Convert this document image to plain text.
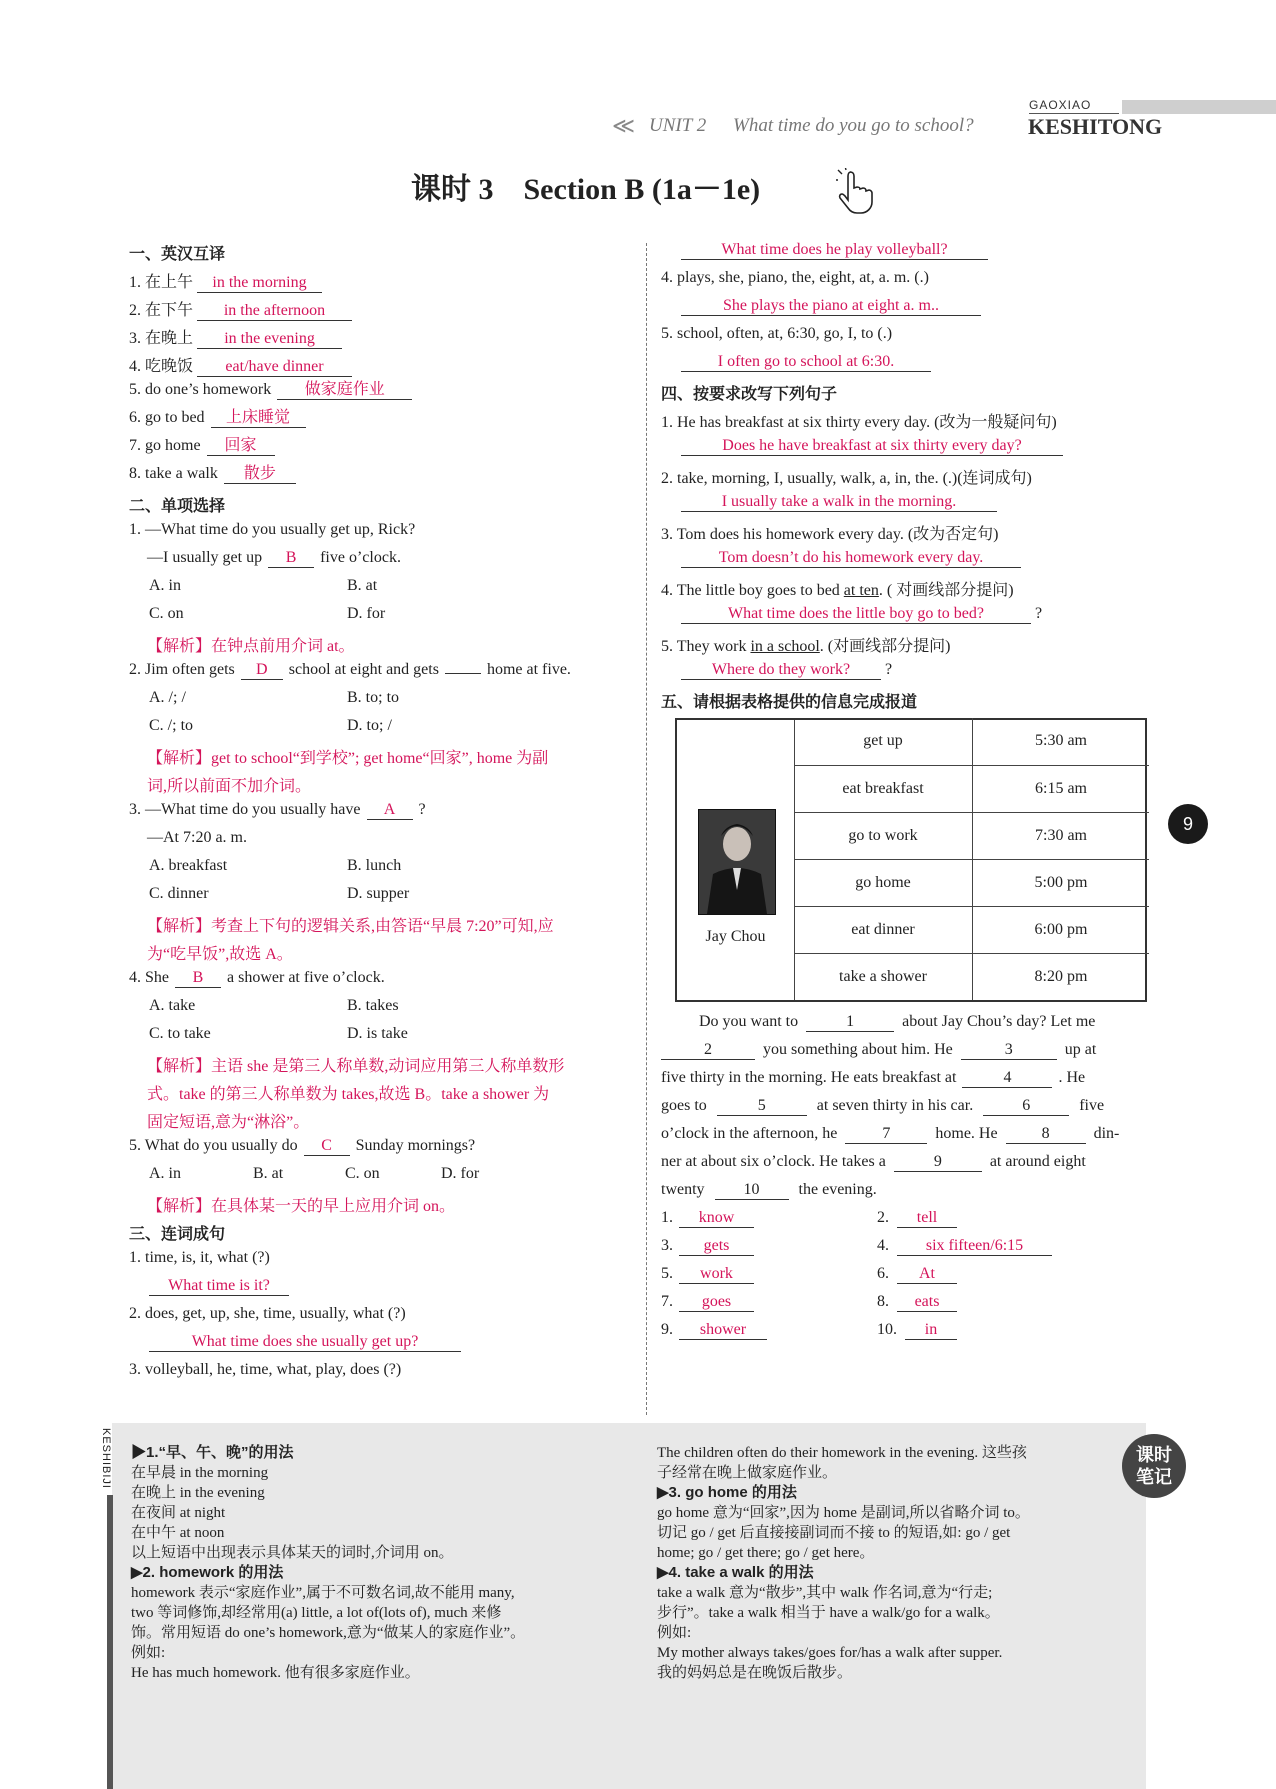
GAOXIAO
≪ UNIT 2 What time do you go to school? KESHITONG
课时 3　Section B (1a－1e)
一、英汉互译
1. 在上午 in the morning
2. 在下午 in the afternoon
3. 在晚上 in the evening
4. 吃晚饭 eat/have dinner
5. do one’s homework 做家庭作业
6. go to bed 上床睡觉
7. go home 回家
8. take a walk 散步
二、单项选择
1. —What time do you usually get up, Rick?
—I usually get up B five o’clock.
A. in	B. at
C. on	D. for
【解析】在钟点前用介词 at。
2. Jim often gets D school at eight and gets	home at five.
A. /; /	B. to; to
C. /; to	D. to; /
【解析】get to school“到学校”; get home“回家”, home 为副
词,所以前面不加介词。
3. —What time do you usually have A ?
—At 7:20 a. m.
A. breakfast	B. lunch
C. dinner	D. supper
【解析】考查上下句的逻辑关系,由答语“早晨 7:20”可知,应
为“吃早饭”,故选 A。
4. She B a shower at five o’clock.
A. take	B. takes
C. to take	D. is take
【解析】主语 she 是第三人称单数,动词应用第三人称单数形
式。take 的第三人称单数为 takes,故选 B。take a shower 为
固定短语,意为“淋浴”。
5. What do you usually do C Sunday mornings?
A. in	B. at	C. on	D. for
【解析】在具体某一天的早上应用介词 on。
三、连词成句
1. time, is, it, what (?)
What time is it?
2. does, get, up, she, time, usually, what (?)
What time does she usually get up?
3. volleyball, he, time, what, play, does (?)
What time does he play volleyball?
4. plays, she, piano, the, eight, at, a. m. (.)
She plays the piano at eight a. m..
5. school, often, at, 6:30, go, I, to (.)
I often go to school at 6:30.
四、按要求改写下列句子
1. He has breakfast at six thirty every day. (改为一般疑问句)
Does he have breakfast at six thirty every day?
2. take, morning, I, usually, walk, a, in, the. (.)(连词成句)
I usually take a walk in the morning.
3. Tom does his homework every day. (改为否定句)
Tom doesn’t do his homework every day.
4. The little boy goes to bed at ten. ( 对画线部分提问)
What time does the little boy go to bed?	?
5. They work in a school. (对画线部分提问)
Where do they work? ?
五、请根据表格提供的信息完成报道
Jay Chou
get up	5:30 am
eat breakfast	6:15 am
go to work	7:30 am
go home	5:00 pm
eat dinner	6:00 pm
take a shower	8:20 pm
Do you want to	1	about Jay Chou’s day? Let me
2	you something about him. He	3	up at
five thirty in the morning. He eats breakfast at	4	. He
goes to	5	at seven thirty in his car.	6	five
o’clock in the afternoon, he	7	home. He	8	din-
ner at about six o’clock. He takes a	9	at around eight
twenty 10 the evening.
1. know	2. tell
3. gets	4. six fifteen/6:15
5. work	6. At
7. goes	8. eats
9. shower	10. in
9
KESHIBIJI	课时
笔记
▶1.“早、午、晚”的用法
在早晨 in the morning
在晚上 in the evening
在夜间 at night
在中午 at noon
以上短语中出现表示具体某天的词时,介词用 on。
▶2. homework 的用法
homework 表示“家庭作业”,属于不可数名词,故不能用 many,
two 等词修饰,却经常用(a) little, a lot of(lots of), much 来修
饰。常用短语 do one’s homework,意为“做某人的家庭作业”。
例如:
He has much homework. 他有很多家庭作业。
The children often do their homework in the evening. 这些孩
子经常在晚上做家庭作业。
▶3. go home 的用法
go home 意为“回家”,因为 home 是副词,所以省略介词 to。
切记 go / get 后直接接副词而不接 to 的短语,如: go / get
home; go / get there; go / get here。
▶4. take a walk 的用法
take a walk 意为“散步”,其中 walk 作名词,意为“行走;
步行”。take a walk 相当于 have a walk/go for a walk。
例如:
My mother always takes/goes for/has a walk after supper.
我的妈妈总是在晚饭后散步。
